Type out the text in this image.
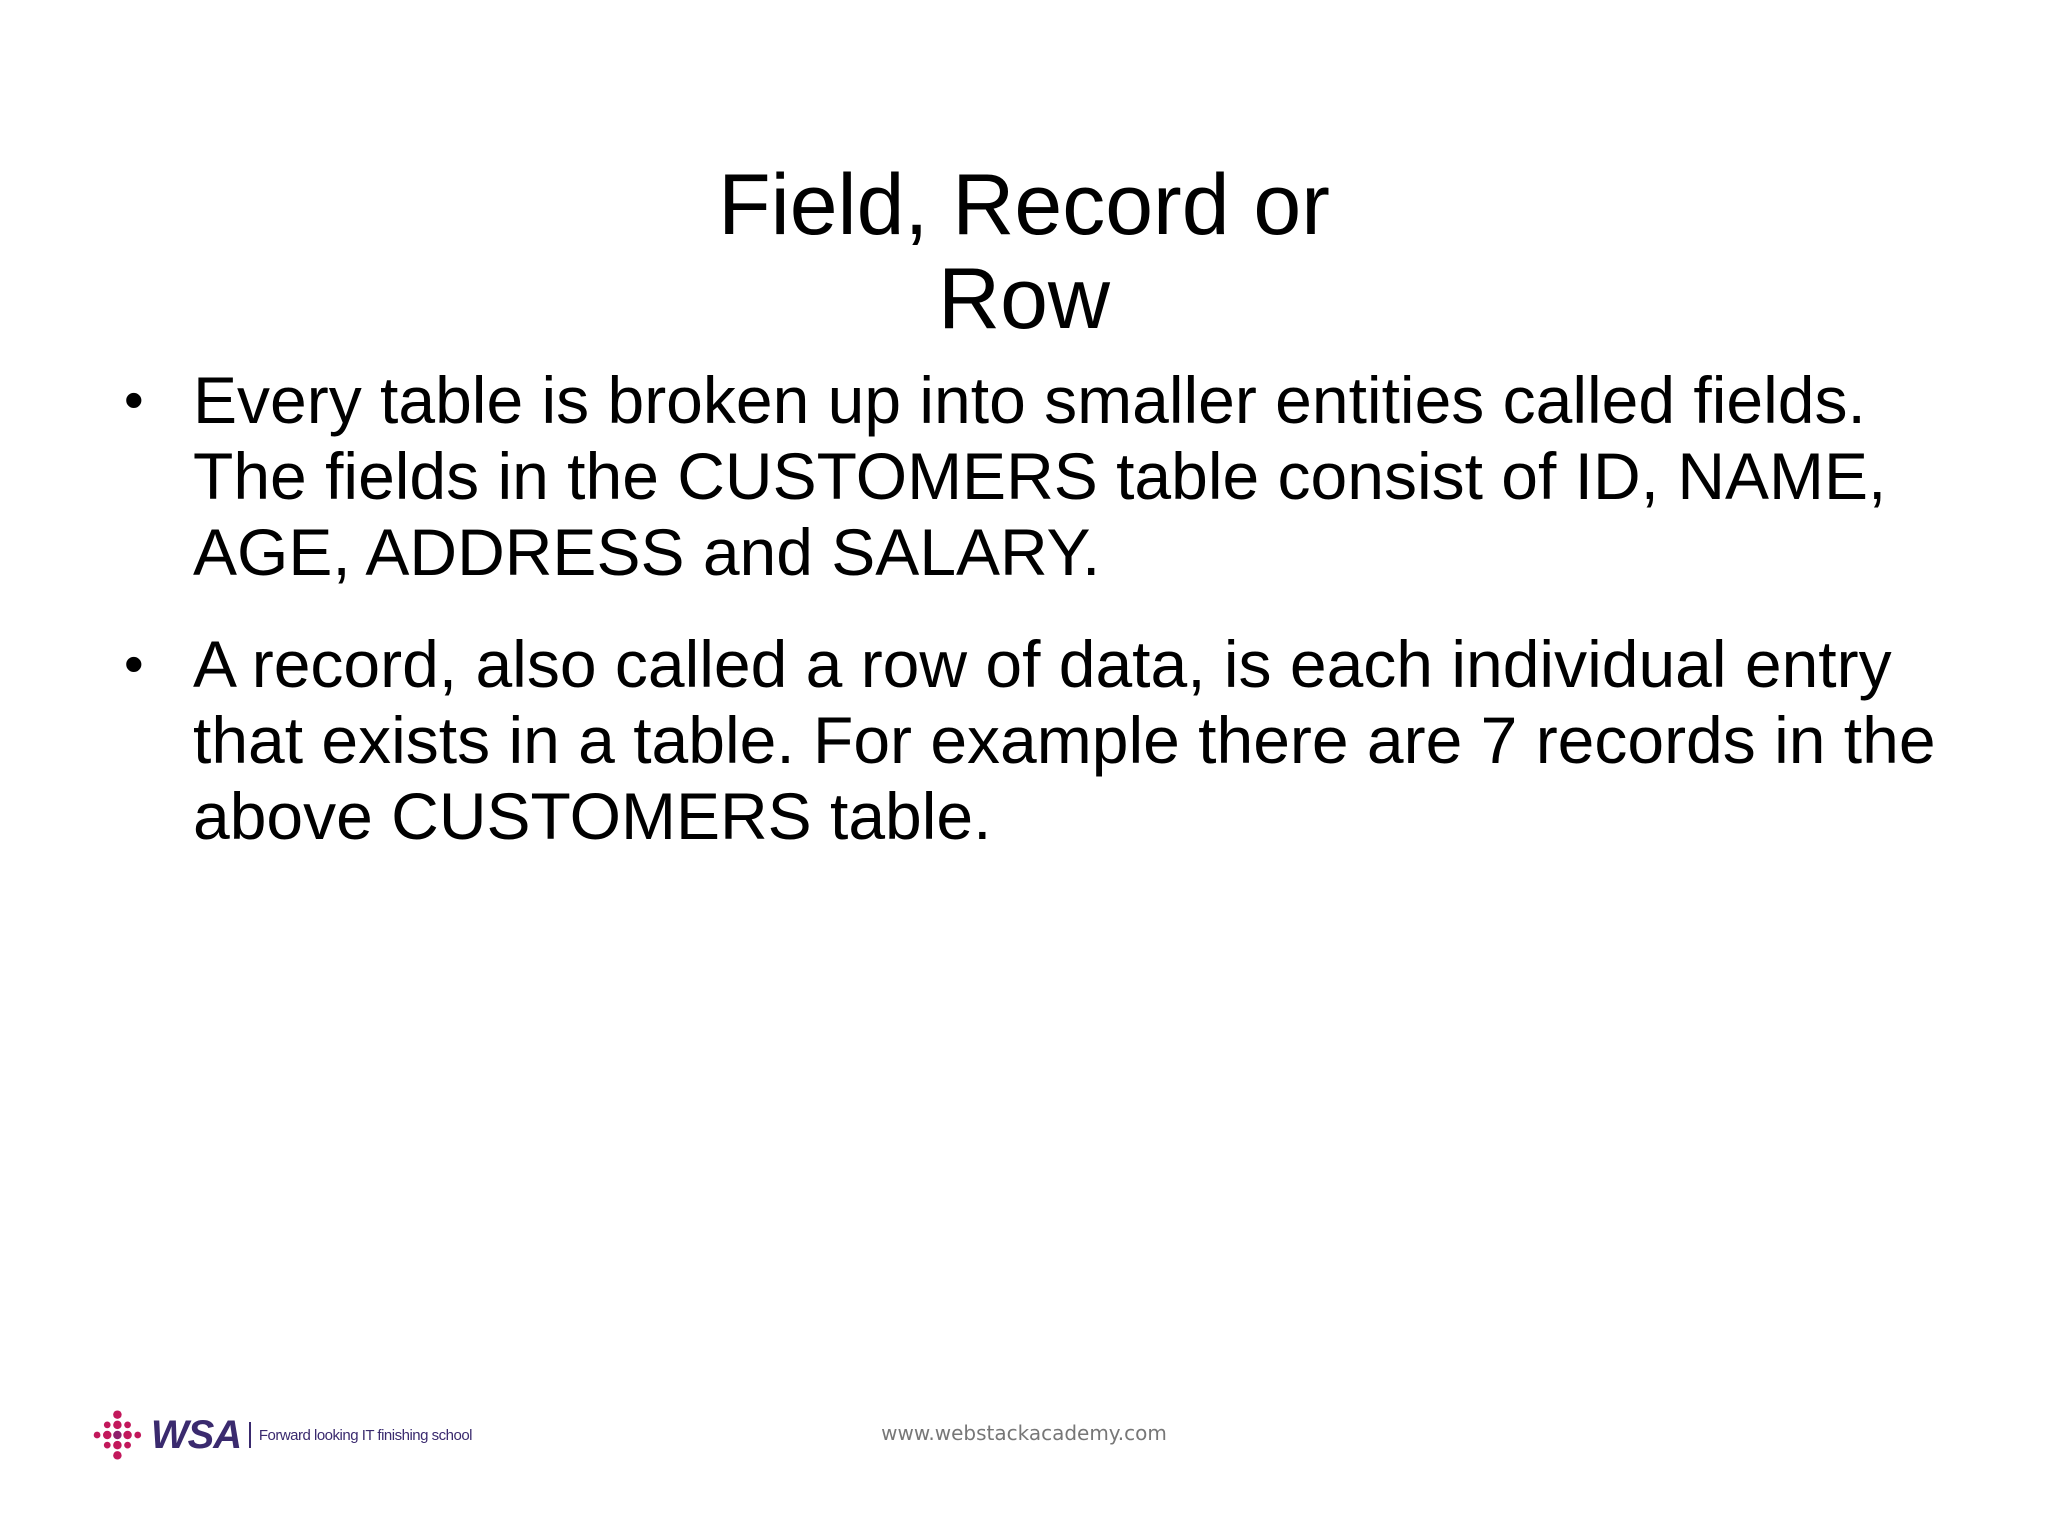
Field, Record or
Row
• Every table is broken up into smaller entities called fields. The fields in the CUSTOMERS table consist of ID, NAME, AGE, ADDRESS and SALARY.
• A record, also called a row of data, is each individual entry that exists in a table. For example there are 7 records in the above CUSTOMERS table.
WSA Forward looking IT finishing school	www.webstackacademy.com
